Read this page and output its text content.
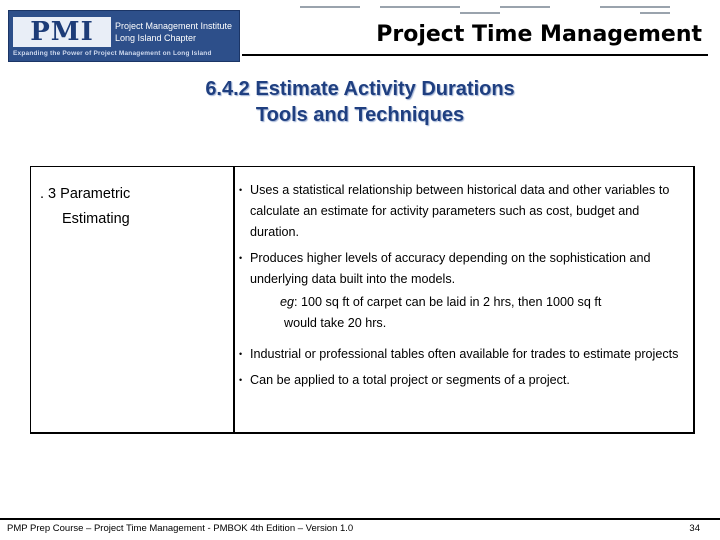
PMI	Project Management Institute
Long Island Chapter
Expanding the Power of Project Management on Long Island
Project Time Management
6.4.2 Estimate Activity Durations
Tools and Techniques
. 3 Parametric
Estimating
• Uses a statistical relationship between historical data and other variables to calculate an estimate for activity parameters such as cost, budget and duration.
• Produces higher levels of accuracy depending on the sophistication and underlying data built into the models.
eg: 100 sq ft of carpet can be laid in 2 hrs, then 1000 sq ft
would take 20 hrs.
• Industrial or professional tables often available for trades to estimate projects
• Can be applied to a total project or segments of a project.
PMP Prep Course – Project Time Management - PMBOK 4th Edition – Version 1.0	34
